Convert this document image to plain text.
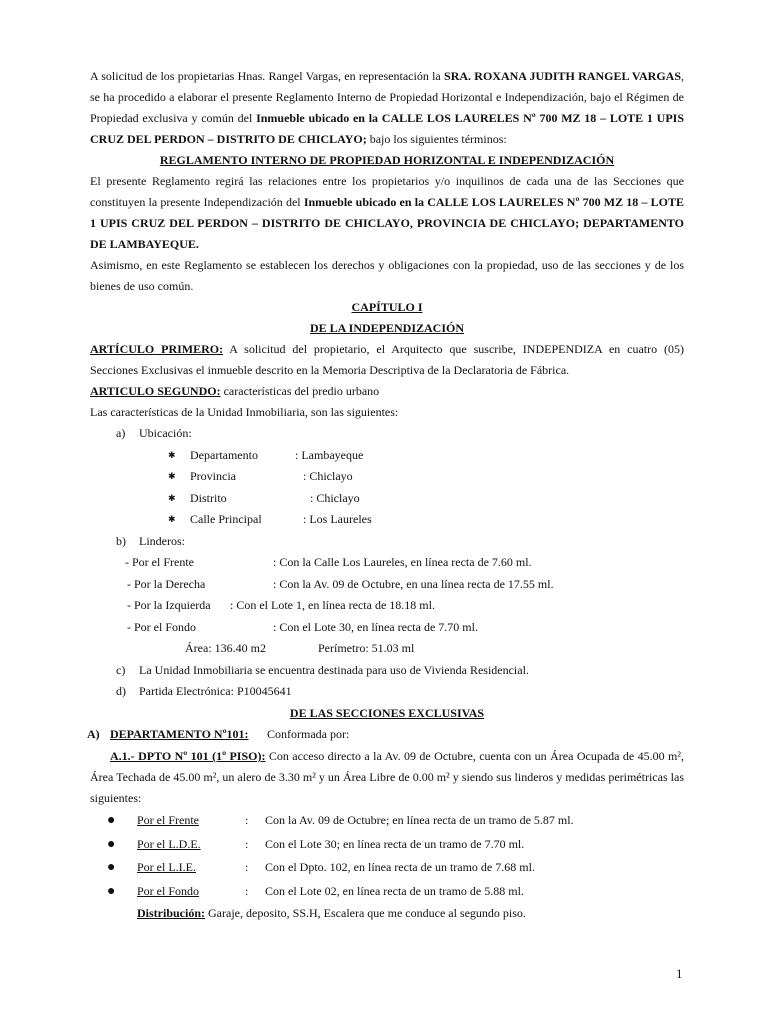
A solicitud de los propietarias Hnas. Rangel Vargas, en representación la SRA. ROXANA JUDITH RANGEL VARGAS, se ha procedido a elaborar el presente Reglamento Interno de Propiedad Horizontal e Independización, bajo el Régimen de Propiedad exclusiva y común del Inmueble ubicado en la CALLE LOS LAURELES Nº 700 MZ 18 – LOTE 1 UPIS CRUZ DEL PERDON – DISTRITO DE CHICLAYO; bajo los siguientes términos:

REGLAMENTO INTERNO DE PROPIEDAD HORIZONTAL E INDEPENDIZACIÓN

El presente Reglamento regirá las relaciones entre los propietarios y/o inquilinos de cada una de las Secciones que constituyen la presente Independización del Inmueble ubicado en la CALLE LOS LAURELES Nº 700 MZ 18 – LOTE 1 UPIS CRUZ DEL PERDON – DISTRITO DE CHICLAYO, PROVINCIA DE CHICLAYO; DEPARTAMENTO DE LAMBAYEQUE.

Asimismo, en este Reglamento se establecen los derechos y obligaciones con la propiedad, uso de las secciones y de los bienes de uso común.

CAPÍTULO I

DE LA INDEPENDIZACIÓN

ARTÍCULO PRIMERO: A solicitud del propietario, el Arquitecto que suscribe, INDEPENDIZA en cuatro (05) Secciones Exclusivas el inmueble descrito en la Memoria Descriptiva de la Declaratoria de Fábrica.

ARTICULO SEGUNDO: características del predio urbano

Las características de la Unidad Inmobiliaria, son las siguientes:

a) Ubicación:
✱ Departamento	: Lambayeque
✱ Provincia	: Chiclayo
✱ Distrito	: Chiclayo
✱ Calle Principal	: Los Laureles
b) Linderos:
- Por el Frente	: Con la Calle Los Laureles, en línea recta de 7.60 ml.
- Por la Derecha	: Con la Av. 09 de Octubre, en una línea recta de 17.55 ml.
- Por la Izquierda : Con el Lote 1, en línea recta de 18.18 ml.
- Por el Fondo	: Con el Lote 30, en línea recta de 7.70 ml.
Área: 136.40 m2	Perímetro: 51.03 ml
c) La Unidad Inmobiliaria se encuentra destinada para uso de Vivienda Residencial.
d) Partida Electrónica: P10045641

DE LAS SECCIONES EXCLUSIVAS

A) DEPARTAMENTO Nº101: Conformada por:

A.1.- DPTO Nº 101 (1º PISO): Con acceso directo a la Av. 09 de Octubre, cuenta con un Área Ocupada de 45.00 m², Área Techada de 45.00 m², un alero de 3.30 m² y un Área Libre de 0.00 m² y siendo sus linderos y medidas perimétricas las siguientes:

● Por el Frente	: Con la Av. 09 de Octubre; en línea recta de un tramo de 5.87 ml.
● Por el L.D.E.	: Con el Lote 30; en línea recta de un tramo de 7.70 ml.
● Por el L.I.E.	: Con el Dpto. 102, en línea recta de un tramo de 7.68 ml.
● Por el Fondo	: Con el Lote 02, en línea recta de un tramo de 5.88 ml.
Distribución: Garaje, deposito, SS.H, Escalera que me conduce al segundo piso.
1
